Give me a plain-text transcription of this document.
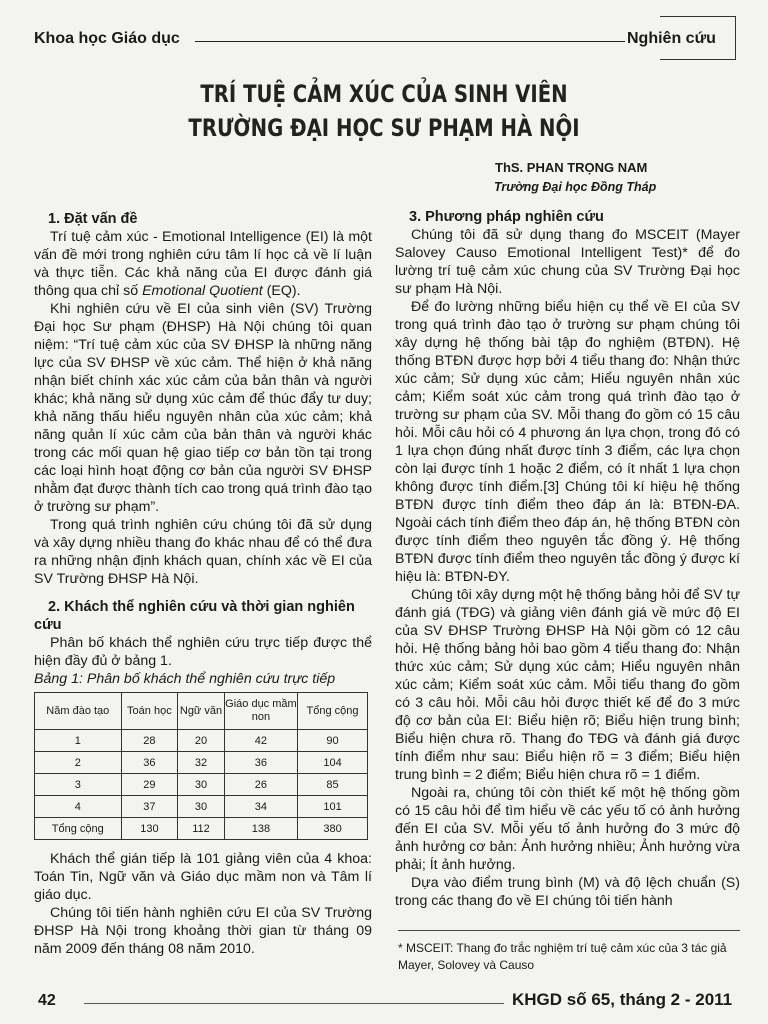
Khoa học Giáo dục	Nghiên cứu
TRÍ TUỆ CẢM XÚC CỦA SINH VIÊN
TRƯỜNG ĐẠI HỌC SƯ PHẠM HÀ NỘI
ThS. PHAN TRỌNG NAM
Trường Đại học Đồng Tháp
1. Đặt vấn đề

Trí tuệ cảm xúc - Emotional Intelligence (EI) là một vấn đề mới trong nghiên cứu tâm lí học cả về lí luận và thực tiễn. Các khả năng của EI được đánh giá thông qua chỉ số Emotional Quotient (EQ).

Khi nghiên cứu về EI của sinh viên (SV) Trường Đại học Sư phạm (ĐHSP) Hà Nội chúng tôi quan niệm: “Trí tuệ cảm xúc của SV ĐHSP là những năng lực của SV ĐHSP về xúc cảm. Thể hiện ở khả năng nhận biết chính xác xúc cảm của bản thân và người khác; khả năng sử dụng xúc cảm để thúc đẩy tư duy; khả năng thấu hiểu nguyên nhân của xúc cảm; khả năng quản lí xúc cảm của bản thân và người khác trong các mối quan hệ giao tiếp cơ bản tồn tại trong các loại hình hoạt động cơ bản của người SV ĐHSP nhằm đạt được thành tích cao trong quá trình đào tạo ở trường sư phạm”.

Trong quá trình nghiên cứu chúng tôi đã sử dụng và xây dựng nhiều thang đo khác nhau để có thể đưa ra những nhận định khách quan, chính xác về EI của SV Trường ĐHSP Hà Nội.

2. Khách thể nghiên cứu và thời gian nghiên cứu

Phân bố khách thể nghiên cứu trực tiếp được thể hiện đầy đủ ở bảng 1.

Bảng 1: Phân bố khách thể nghiên cứu trực tiếp

Năm đào tạo	Toán học	Ngữ văn	Giáo dục mầm non	Tổng cộng
1	28	20	42	90
2	36	32	36	104
3	29	30	26	85
4	37	30	34	101
Tổng cộng	130	112	138	380

Khách thể gián tiếp là 101 giảng viên của 4 khoa: Toán Tin, Ngữ văn và Giáo dục mầm non và Tâm lí giáo dục.

Chúng tôi tiến hành nghiên cứu EI của SV Trường ĐHSP Hà Nội trong khoảng thời gian từ tháng 09 năm 2009 đến tháng 08 năm 2010.

3. Phương pháp nghiên cứu

Chúng tôi đã sử dụng thang đo MSCEIT (Mayer Salovey Causo Emotional Intelligent Test)* để đo lường trí tuệ cảm xúc chung của SV Trường Đại học sư phạm Hà Nội.

Để đo lường những biểu hiện cụ thể về EI của SV trong quá trình đào tạo ở trường sư phạm chúng tôi xây dựng hệ thống bài tập đo nghiệm (BTĐN). Hệ thống BTĐN được hợp bởi 4 tiểu thang đo: Nhận thức xúc cảm; Sử dụng xúc cảm; Hiểu nguyên nhân xúc cảm; Kiểm soát xúc cảm trong quá trình đào tạo ở trường sư phạm của SV. Mỗi thang đo gồm có 15 câu hỏi. Mỗi câu hỏi có 4 phương án lựa chọn, trong đó có 1 lựa chọn đúng nhất được tính 3 điểm, các lựa chọn còn lại được tính 1 hoặc 2 điểm, có ít nhất 1 lựa chọn không được tính điểm.[3] Chúng tôi kí hiệu hệ thống BTĐN được tính điểm theo đáp án là: BTĐN-ĐA. Ngoài cách tính điểm theo đáp án, hệ thống BTĐN còn được tính điểm theo nguyên tắc đồng ý. Hệ thống BTĐN được tính điểm theo nguyên tắc đồng ý được kí hiệu là: BTĐN-ĐY.

Chúng tôi xây dựng một hệ thống bảng hỏi để SV tự đánh giá (TĐG) và giảng viên đánh giá về mức độ EI của SV ĐHSP Trường ĐHSP Hà Nội gồm có 12 câu hỏi. Hệ thống bảng hỏi bao gồm 4 tiểu thang đo: Nhận thức xúc cảm; Sử dụng xúc cảm; Hiểu nguyên nhân xúc cảm; Kiểm soát xúc cảm. Mỗi tiểu thang đo gồm có 3 câu hỏi. Mỗi câu hỏi được thiết kế để đo 3 mức độ cơ bản của EI: Biểu hiện rõ; Biểu hiện trung bình; Biểu hiện chưa rõ. Thang đo TĐG và đánh giá được tính điểm như sau: Biểu hiện rõ = 3 điểm; Biểu hiện trung bình = 2 điểm; Biểu hiện chưa rõ = 1 điểm.

Ngoài ra, chúng tôi còn thiết kế một hệ thống gồm có 15 câu hỏi để tìm hiểu về các yếu tố có ảnh hưởng đến EI của SV. Mỗi yếu tố ảnh hưởng đo 3 mức độ ảnh hưởng cơ bản: Ảnh hưởng nhiều; Ảnh hưởng vừa phải; Ít ảnh hưởng.

Dựa vào điểm trung bình (M) và độ lệch chuẩn (S) trong các thang đo về EI chúng tôi tiến hành

* MSCEIT: Thang đo trắc nghiệm trí tuệ cảm xúc của 3 tác giả Mayer, Solovey và Causo
42	KHGD số 65, tháng 2 - 2011
